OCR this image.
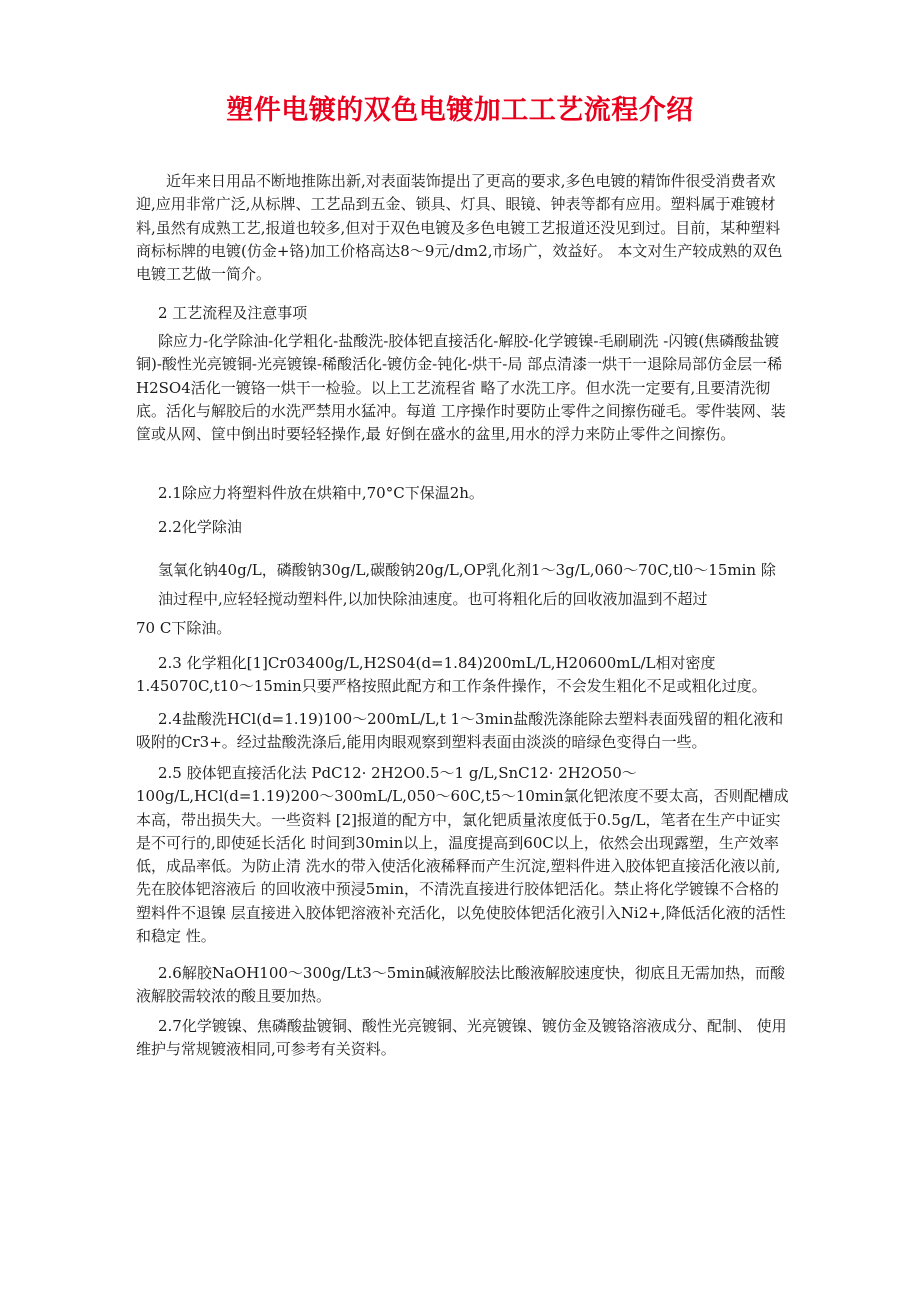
塑件电镀的双色电镀加工工艺流程介绍

近年来日用品不断地推陈出新,对表面装饰提出了更高的要求,多色电镀的精饰件很受消费者欢迎,应用非常广泛,从标牌、工艺品到五金、锁具、灯具、眼镜、钟表等都有应用。塑料属于难镀材料,虽然有成熟工艺,报道也较多,但对于双色电镀及多色电镀工艺报道还没见到过。目前，某种塑料商标标牌的电镀(仿金+铬)加工价格高达8〜9元/dm2,市场广，效益好。 本文对生产较成熟的双色电镀工艺做一简介。

2 工艺流程及注意事项

除应力-化学除油-化学粗化-盐酸洗-胶体钯直接活化-解胶-化学镀镍-毛刷刷洗 -闪镀(焦磷酸盐镀铜)-酸性光亮镀铜-光亮镀镍-稀酸活化-镀仿金-钝化-烘干-局 部点清漆一烘干一退除局部仿金层一稀H2SO4活化一镀铬一烘干一检验。以上工艺流程省 略了水洗工序。但水洗一定要有,且要清洗彻底。活化与解胶后的水洗严禁用水猛冲。每道 工序操作时要防止零件之间擦伤碰毛。零件装网、装筐或从网、筐中倒出时要轻轻操作,最 好倒在盛水的盆里,用水的浮力来防止零件之间擦伤。

2.1除应力将塑料件放在烘箱中,70°C下保温2h。

2.2化学除油

氢氧化钠40g/L，磷酸钠30g/L,碳酸钠20g/L,OP乳化剂1〜3g/L,060〜70C,tl0〜15min 除油过程中,应轻轻搅动塑料件,以加快除油速度。也可将粗化后的回收液加温到不超过

70 C下除油。

2.3 化学粗化[1]Cr03400g/L,H2S04(d=1.84)200mL/L,H20600mL/L相对密度1.45070C,t10〜15min只要严格按照此配方和工作条件操作，不会发生粗化不足或粗化过度。

2.4盐酸洗HCl(d=1.19)100〜200mL/L,t 1〜3min盐酸洗涤能除去塑料表面残留的粗化液和 吸附的Cr3+。经过盐酸洗涤后,能用肉眼观察到塑料表面由淡淡的暗绿色变得白一些。

2.5 胶体钯直接活化法 PdC12· 2H2O0.5〜1 g/L,SnC12· 2H2O50〜100g/L,HCl(d=1.19)200〜300mL/L,050〜60C,t5〜10min氯化钯浓度不要太高，否则配槽成本高，带出损失大。一些资料 [2]报道的配方中，氯化钯质量浓度低于0.5g/L，笔者在生产中证实是不可行的,即使延长活化 时间到30min以上，温度提高到60C以上，依然会出现露塑，生产效率低，成品率低。为防止清 洗水的带入使活化液稀释而产生沉淀,塑料件进入胶体钯直接活化液以前,先在胶体钯溶液后 的回收液中预浸5min，不清洗直接进行胶体钯活化。禁止将化学镀镍不合格的塑料件不退镍 层直接进入胶体钯溶液补充活化，以免使胶体钯活化液引入Ni2+,降低活化液的活性和稳定 性。

2.6解胶NaOH100〜300g/Lt3〜5min碱液解胶法比酸液解胶速度快，彻底且无需加热，而酸液解胶需较浓的酸且要加热。

2.7化学镀镍、焦磷酸盐镀铜、酸性光亮镀铜、光亮镀镍、镀仿金及镀铬溶液成分、配制、 使用维护与常规镀液相同,可参考有关资料。
